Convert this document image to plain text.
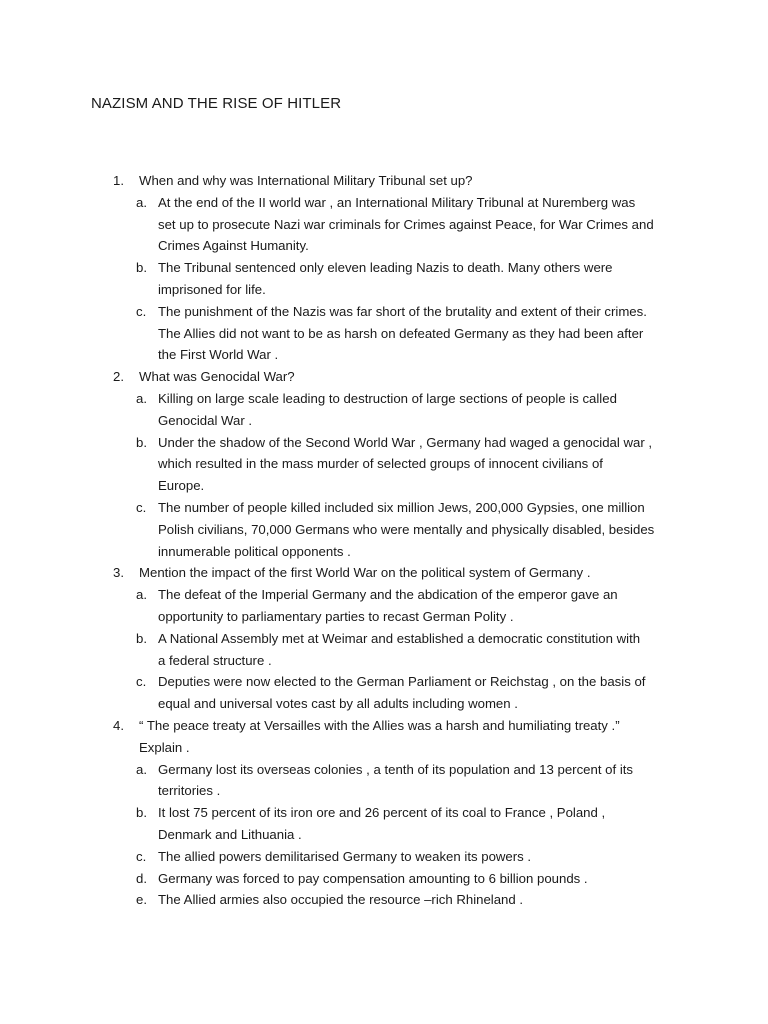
NAZISM AND THE RISE OF HITLER
1. When and why was International Military Tribunal set up?
a. At the end of the II world war , an International Military Tribunal at Nuremberg was
set up to prosecute Nazi war criminals for Crimes against Peace, for War Crimes and
Crimes Against Humanity.
b. The Tribunal sentenced only eleven leading Nazis to death. Many others were
imprisoned for life.
c. The punishment of the Nazis was far short of the brutality and extent of their crimes.
The Allies did not want to be as harsh on defeated Germany as they had been after
the First World War .
2. What was Genocidal War?
a. Killing on large scale leading to destruction of large sections of people is called
Genocidal War .
b. Under the shadow of the Second World War , Germany had waged a genocidal war ,
which resulted in the mass murder of selected groups of innocent civilians of
Europe.
c. The number of people killed included six million Jews, 200,000 Gypsies, one million
Polish civilians, 70,000 Germans who were mentally and physically disabled, besides
innumerable political opponents .
3. Mention the impact of the first World War on the political system of Germany .
a. The defeat of the Imperial Germany and the abdication of the emperor gave an
opportunity to parliamentary parties to recast German Polity .
b. A National Assembly met at Weimar and established a democratic constitution with
a federal structure .
c. Deputies were now elected to the German Parliament or Reichstag , on the basis of
equal and universal votes cast by all adults including women .
4. “ The peace treaty at Versailles with the Allies was a harsh and humiliating treaty .”
Explain .
a. Germany lost its overseas colonies , a tenth of its population and 13 percent of its
territories .
b. It lost 75 percent of its iron ore and 26 percent of its coal to France , Poland ,
Denmark and Lithuania .
c. The allied powers demilitarised Germany to weaken its powers .
d. Germany was forced to pay compensation amounting to 6 billion pounds .
e. The Allied armies also occupied the resource –rich Rhineland .
